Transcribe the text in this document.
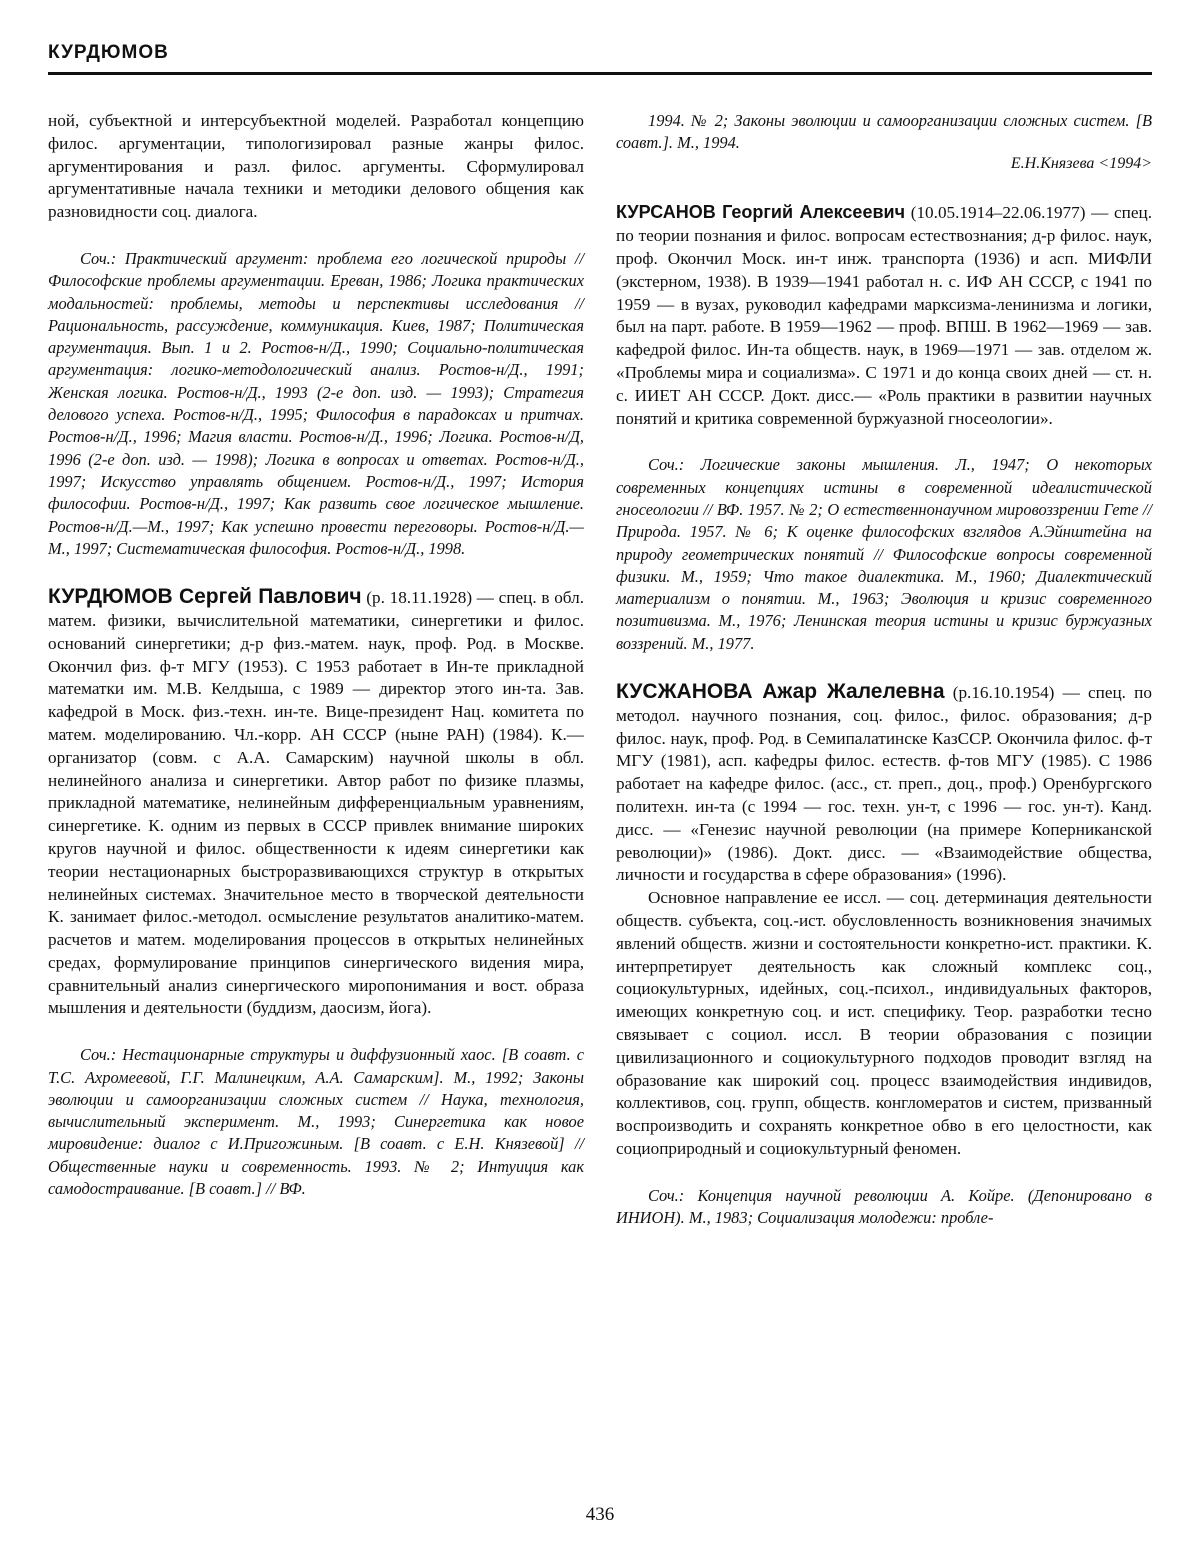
КУРДЮМОВ

ной, субъектной и интерсубъектной моделей. Разработал концепцию филос. аргументации, типологизировал разные жанры филос. аргументирования и разл. филос. аргументы. Сформулировал аргументативные начала техники и методики делового общения как разновидности соц. диалога.

Соч.: Практический аргумент: проблема его логической природы // Философские проблемы аргументации. Ереван, 1986; Логика практических модальностей: проблемы, методы и перспективы исследования // Рациональность, рассуждение, коммуникация. Киев, 1987; Политическая аргументация. Вып. 1 и 2. Ростов-н/Д., 1990; Социально-политическая аргументация: логико-методологический анализ. Ростов-н/Д., 1991; Женская логика. Ростов-н/Д., 1993 (2-е доп. изд. — 1993); Стратегия делового успеха. Ростов-н/Д., 1995; Философия в парадоксах и притчах. Ростов-н/Д., 1996; Магия власти. Ростов-н/Д., 1996; Логика. Ростов-н/Д, 1996 (2-е доп. изд. — 1998); Логика в вопросах и ответах. Ростов-н/Д., 1997; Искусство управлять общением. Ростов-н/Д., 1997; История философии. Ростов-н/Д., 1997; Как развить свое логическое мышление. Ростов-н/Д.—М., 1997; Как успешно провести переговоры. Ростов-н/Д.—М., 1997; Систематическая философия. Ростов-н/Д., 1998.

КУРДЮМОВ Сергей Павлович (р. 18.11.1928) — спец. в обл. матем. физики, вычислительной математики, синергетики и филос. оснований синергетики; д-р физ.-матем. наук, проф. Род. в Москве. Окончил физ. ф-т МГУ (1953). С 1953 работает в Ин-те прикладной математки им. М.В. Келдыша, с 1989 — директор этого ин-та. Зав. кафедрой в Моск. физ.-техн. ин-те. Вице-президент Нац. комитета по матем. моделированию. Чл.-корр. АН СССР (ныне РАН) (1984). К.— организатор (совм. с А.А. Самарским) научной школы в обл. нелинейного анализа и синергетики. Автор работ по физике плазмы, прикладной математике, нелинейным дифференциальным уравнениям, синергетике. К. одним из первых в СССР привлек внимание широких кругов научной и филос. общественности к идеям синергетики как теории нестационарных быстроразвивающихся структур в открытых нелинейных системах. Значительное место в творческой деятельности К. занимает филос.-методол. осмысление результатов аналитико-матем. расчетов и матем. моделирования процессов в открытых нелинейных средах, формулирование принципов синергического видения мира, сравнительный анализ синергического миропонимания и вост. образа мышления и деятельности (буддизм, даосизм, йога).

Соч.: Нестационарные структуры и диффузионный хаос. [В соавт. с Т.С. Ахромеевой, Г.Г. Малинецким, А.А. Самарским]. М., 1992; Законы эволюции и самоорганизации сложных систем // Наука, технология, вычислительный эксперимент. М., 1993; Синергетика как новое мировидение: диалог с И.Пригожиным. [В соавт. с Е.Н. Князевой] // Общественные науки и современность. 1993. № 2; Интуиция как самодостраивание. [В соавт.] // ВФ.

1994. № 2; Законы эволюции и самоорганизации сложных систем. [В соавт.]. М., 1994.

Е.Н.Князева <1994>

КУРСАНОВ Георгий Алексеевич (10.05.1914–22.06.1977) — спец. по теории познания и филос. вопросам естествознания; д-р филос. наук, проф. Окончил Моск. ин-т инж. транспорта (1936) и асп. МИФЛИ (экстерном, 1938). В 1939—1941 работал н. с. ИФ АН СССР, с 1941 по 1959 — в вузах, руководил кафедрами марксизма-ленинизма и логики, был на парт. работе. В 1959—1962 — проф. ВПШ. В 1962—1969 — зав. кафедрой филос. Ин-та обществ. наук, в 1969—1971 — зав. отделом ж. «Проблемы мира и социализма». С 1971 и до конца своих дней — ст. н. с. ИИЕТ АН СССР. Докт. дисс.— «Роль практики в развитии научных понятий и критика современной буржуазной гносеологии».

Соч.: Логические законы мышления. Л., 1947; О некоторых современных концепциях истины в современной идеалистической гносеологии // ВФ. 1957. № 2; О естественнонаучном мировоззрении Гете // Природа. 1957. № 6; К оценке философских взглядов А.Эйнштейна на природу геометрических понятий // Философские вопросы современной физики. М., 1959; Что такое диалектика. М., 1960; Диалектический материализм о понятии. М., 1963; Эволюция и кризис современного позитивизма. М., 1976; Ленинская теория истины и кризис буржуазных воззрений. М., 1977.

КУСЖАНОВА Ажар Жалелевна (р.16.10.1954) — спец. по методол. научного познания, соц. филос., филос. образования; д-р филос. наук, проф. Род. в Семипалатинске КазССР. Окончила филос. ф-т МГУ (1981), асп. кафедры филос. естеств. ф-тов МГУ (1985). С 1986 работает на кафедре филос. (асс., ст. преп., доц., проф.) Оренбургского политехн. ин-та (с 1994 — гос. техн. ун-т, с 1996 — гос. ун-т). Канд. дисс. — «Генезис научной революции (на примере Коперниканской революции)» (1986). Докт. дисс. — «Взаимодействие общества, личности и государства в сфере образования» (1996).

Основное направление ее иссл. — соц. детерминация деятельности обществ. субъекта, соц.-ист. обусловленность возникновения значимых явлений обществ. жизни и состоятельности конкретно-ист. практики. К. интерпретирует деятельность как сложный комплекс соц., социокультурных, идейных, соц.-психол., индивидуальных факторов, имеющих конкретную соц. и ист. специфику. Теор. разработки тесно связывает с социол. иссл. В теории образования с позиции цивилизационного и социокультурного подходов проводит взгляд на образование как широкий соц. процесс взаимодействия индивидов, коллективов, соц. групп, обществ. конгломератов и систем, призванный воспроизводить и сохранять конкретное обво в его целостности, как социоприродный и социокультурный феномен.

Соч.: Концепция научной революции А. Койре. (Депонировано в ИНИОН). М., 1983; Социализация молодежи: пробле-

436
